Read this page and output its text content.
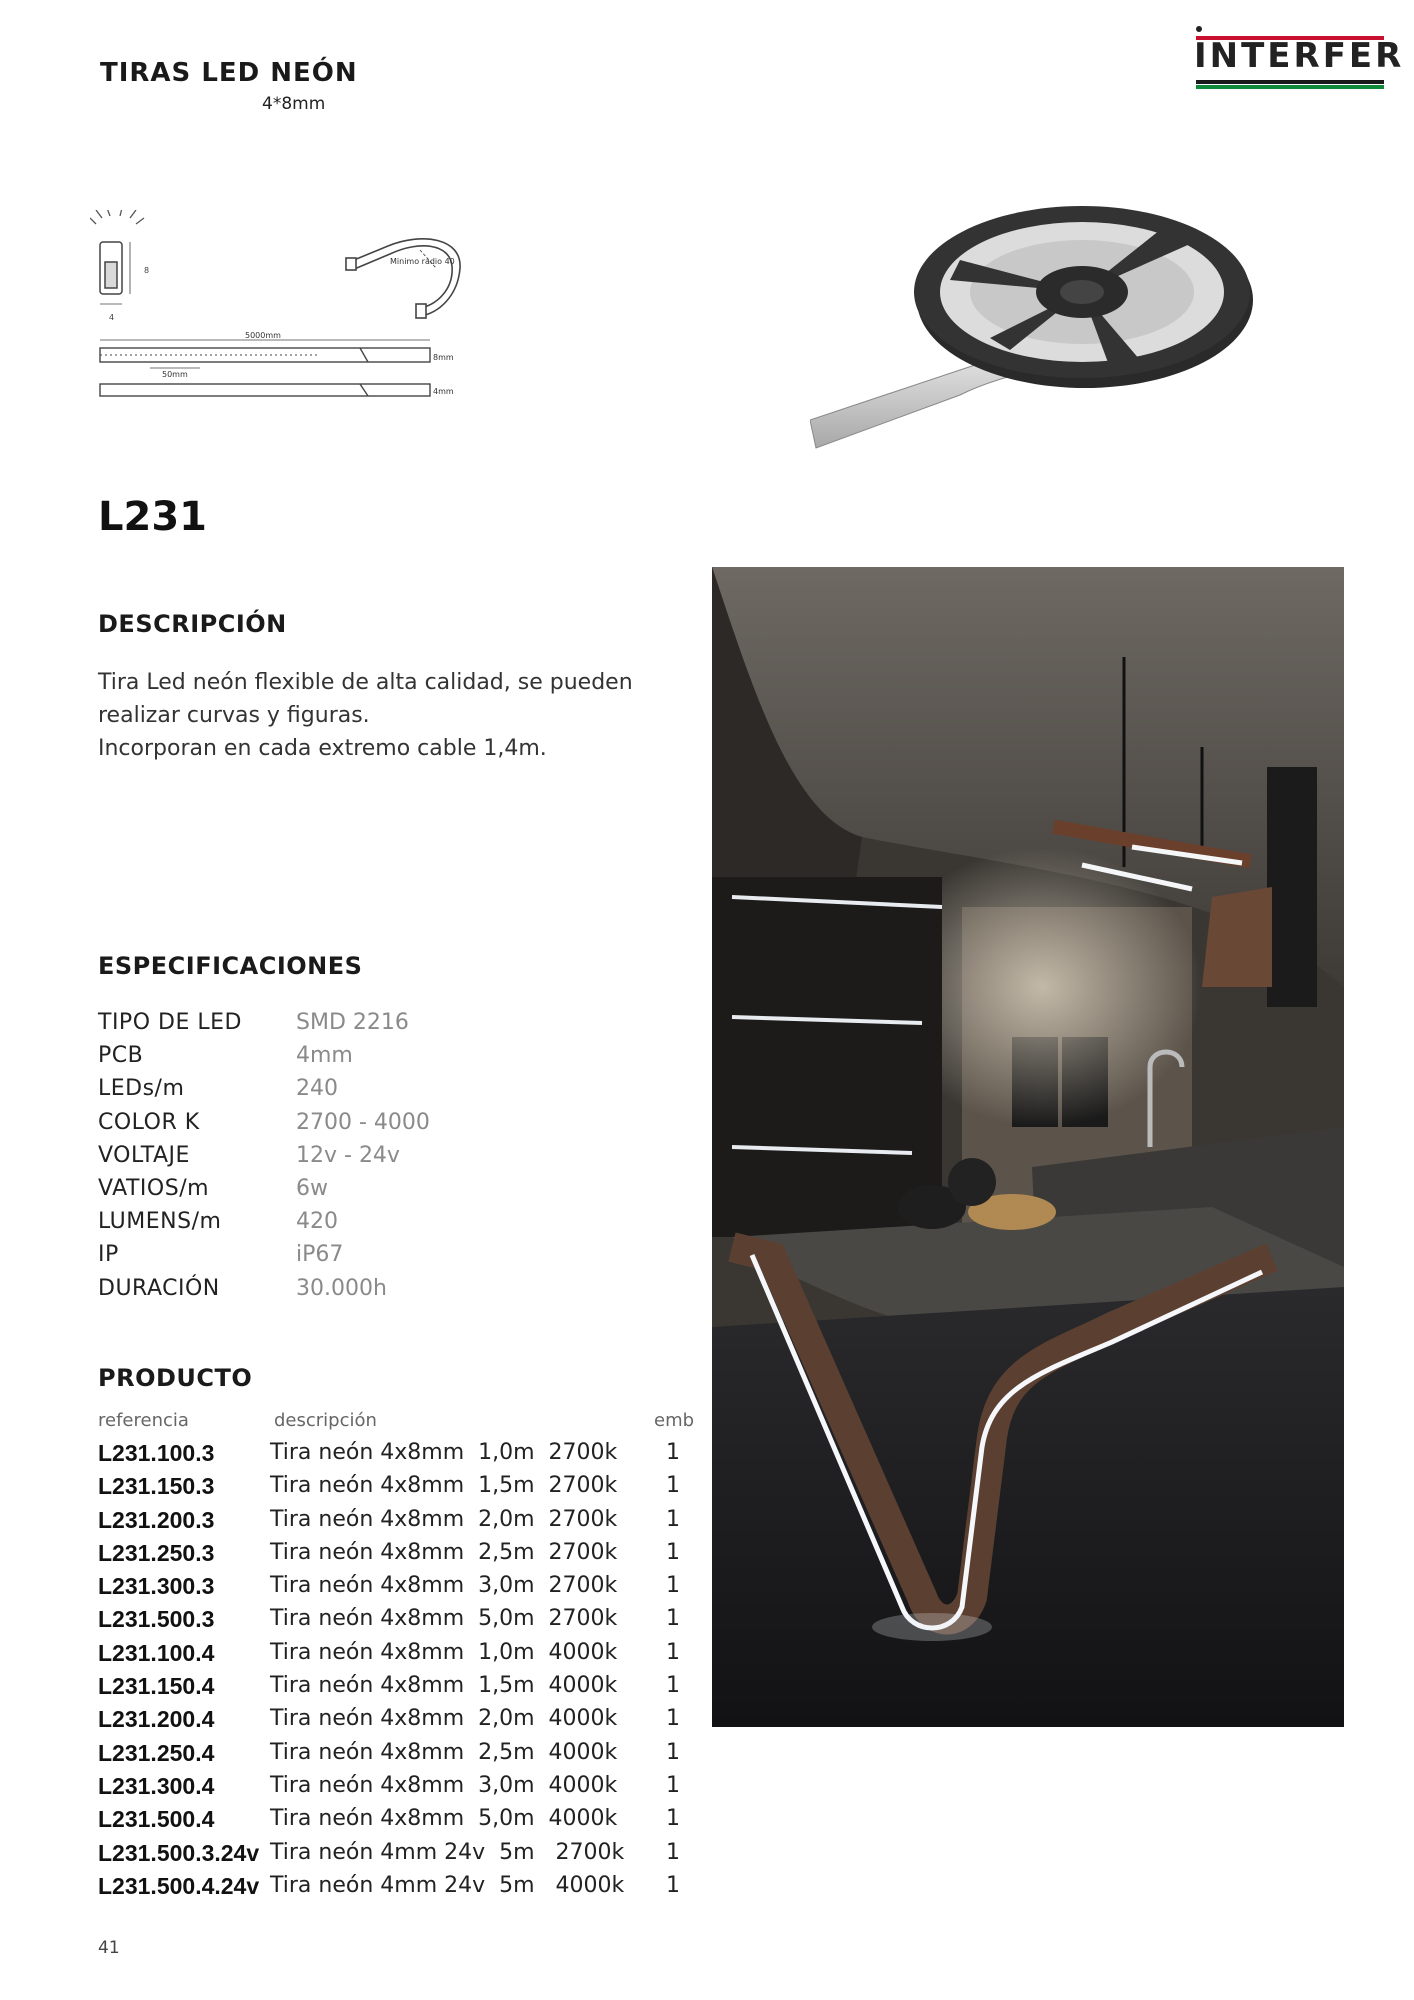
TIRAS LED NEÓN
4*8mm
INTERFER
8
4
Minimo radio 40
5000mm
50mm
8mm
4mm
L231
DESCRIPCIÓN
Tira Led neón flexible de alta calidad, se pueden
realizar curvas y figuras.
Incorporan en cada extremo cable 1,4m.
ESPECIFICACIONES
TIPO DE LED SMD 2216
PCB	4mm
LEDs/m	240
COLOR K	2700 - 4000
VOLTAJE	12v - 24v
VATIOS/m	6w
LUMENS/m	420
IP	iP67
DURACIÓN	30.000h
PRODUCTO
referencia	descripción	emb
L231.100.3	Tira neón 4x8mm  1,0m  2700k 1
L231.150.3	Tira neón 4x8mm  1,5m  2700k 1
L231.200.3	Tira neón 4x8mm  2,0m  2700k 1
L231.250.3	Tira neón 4x8mm  2,5m  2700k 1
L231.300.3	Tira neón 4x8mm  3,0m  2700k 1
L231.500.3	Tira neón 4x8mm  5,0m  2700k 1
L231.100.4	Tira neón 4x8mm  1,0m  4000k 1
L231.150.4	Tira neón 4x8mm  1,5m  4000k 1
L231.200.4	Tira neón 4x8mm  2,0m  4000k 1
L231.250.4	Tira neón 4x8mm  2,5m  4000k 1
L231.300.4	Tira neón 4x8mm  3,0m  4000k 1
L231.500.4	Tira neón 4x8mm  5,0m  4000k 1
L231.500.3.24v Tira neón 4mm 24v  5m   2700k 1
L231.500.4.24v Tira neón 4mm 24v  5m   4000k 1
41
